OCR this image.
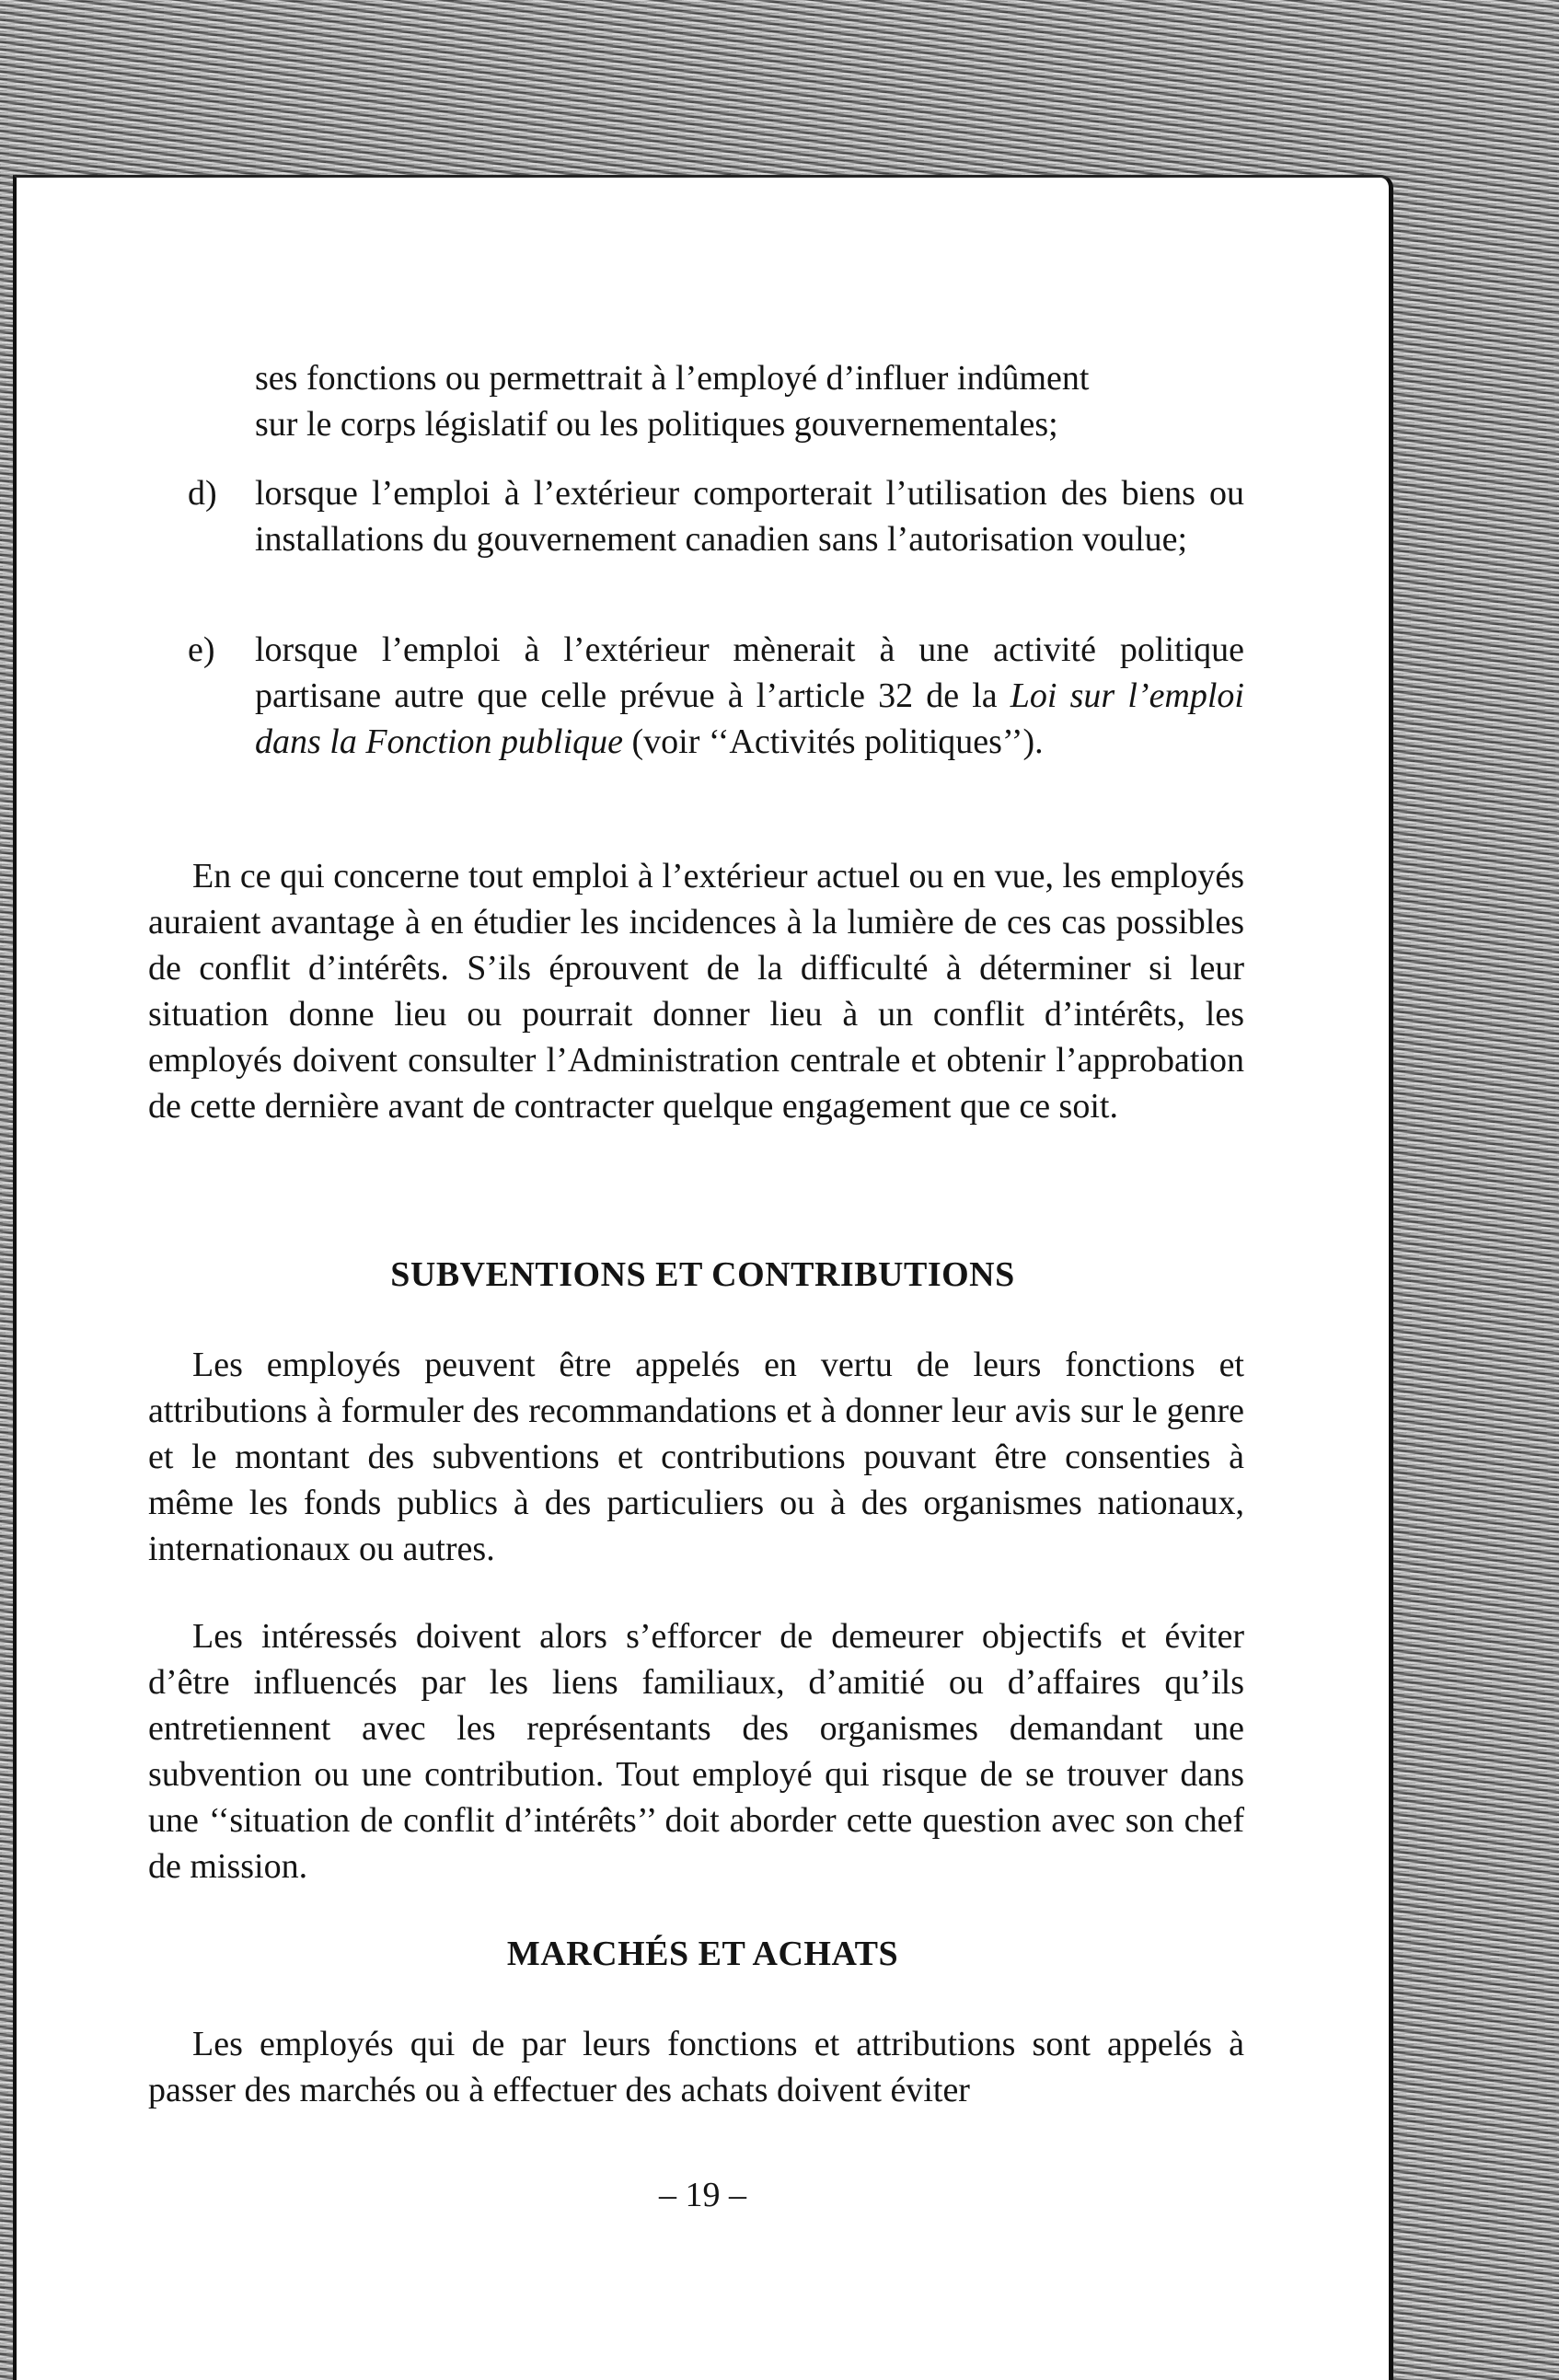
ses fonctions ou permettrait à l’employé d’influer indûment
sur le corps législatif ou les politiques gouvernementales;
d) lorsque l’emploi à l’extérieur comporterait l’utilisation des biens ou installations du gouvernement canadien sans l’autorisation voulue;
e) lorsque l’emploi à l’extérieur mènerait à une activité politique partisane autre que celle prévue à l’article 32 de la Loi sur l’emploi dans la Fonction publique (voir ‘‘Activités politiques’’).
En ce qui concerne tout emploi à l’extérieur actuel ou en vue, les employés auraient avantage à en étudier les incidences à la lumière de ces cas possibles de conflit d’intérêts. S’ils éprouvent de la difficulté à déterminer si leur situation donne lieu ou pourrait donner lieu à un conflit d’intérêts, les employés doivent consulter l’Administration centrale et obtenir l’approbation de cette dernière avant de contracter quelque engagement que ce soit.
SUBVENTIONS ET CONTRIBUTIONS
Les employés peuvent être appelés en vertu de leurs fonctions et attributions à formuler des recommandations et à donner leur avis sur le genre et le montant des subventions et contributions pouvant être consenties à même les fonds publics à des particuliers ou à des organismes nationaux, internationaux ou autres.
Les intéressés doivent alors s’efforcer de demeurer objectifs et éviter d’être influencés par les liens familiaux, d’amitié ou d’affaires qu’ils entretiennent avec les représentants des organismes demandant une subvention ou une contribution. Tout employé qui risque de se trouver dans une ‘‘situation de conflit d’intérêts’’ doit aborder cette question avec son chef de mission.
MARCHÉS ET ACHATS
Les employés qui de par leurs fonctions et attributions sont appelés à passer des marchés ou à effectuer des achats doivent éviter
– 19 –
